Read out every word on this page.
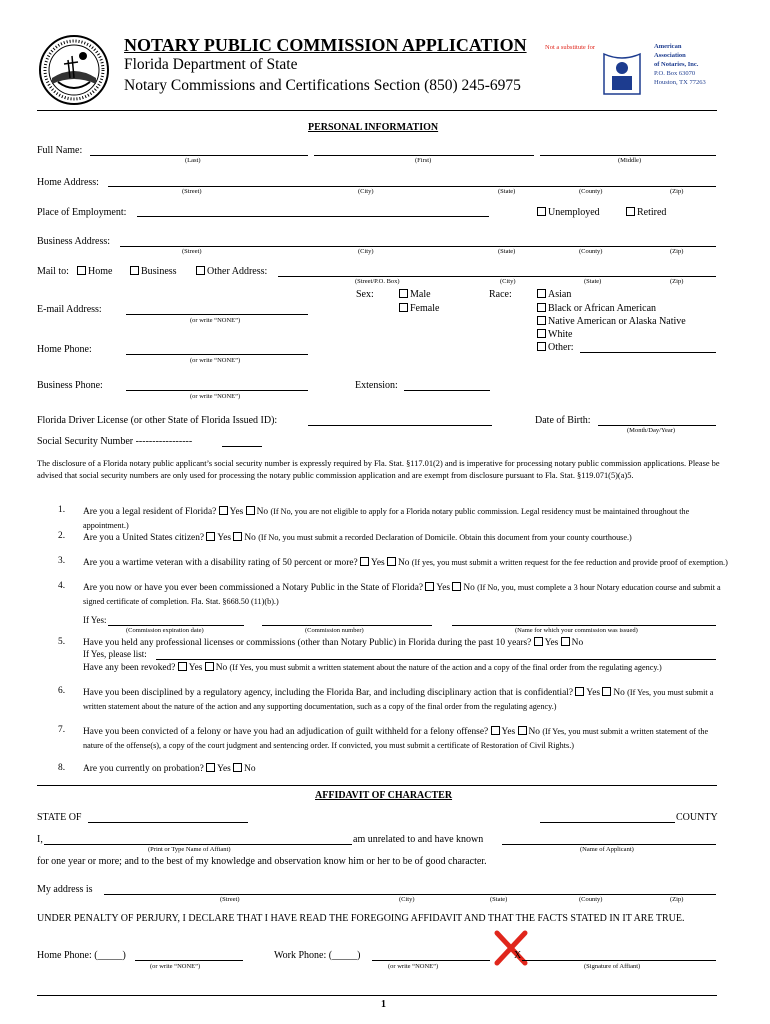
NOTARY PUBLIC COMMISSION APPLICATION
Florida Department of State
Notary Commissions and Certifications Section (850) 245-6975
Not a substitute for	American
Association
of Notaries, Inc.
P.O. Box 63070
Houston, TX 77263
PERSONAL INFORMATION
Full Name:
(Last)	(First)	(Middle)
Home Address:
(Street)	(City)	(State)	(County)	(Zip)
Place of Employment:	Unemployed	Retired
Business Address:
(Street)	(City)	(State)	(County)	(Zip)
Mail to:	Home	Business	Other Address:
(Street/P.O. Box)	(City)	(State)	(Zip)
Sex:	Male
Female
Race:	Asian
Black or African American
Native American or Alaska Native
White
Other:
E-mail Address:
(or write “NONE”)
Home Phone:
(or write “NONE”)
Business Phone:
(or write “NONE”)
Extension:
Florida Driver License (or other State of Florida Issued ID):	Date of Birth:
(Month/Day/Year)
Social Security Number -----------------
The disclosure of a Florida notary public applicant’s social security number is expressly required by Fla. Stat. §117.01(2) and is imperative for processing notary public commission applications. Please be advised that social security numbers are only used for processing the notary public commission application and are exempt from disclosure pursuant to Fla. Stat. §119.071(5)(a)5.
1. Are you a legal resident of Florida? Yes No (If No, you are not eligible to apply for a Florida notary public commission. Legal residency must be maintained throughout the appointment.)
2. Are you a United States citizen? Yes No (If No, you must submit a recorded Declaration of Domicile. Obtain this document from your county courthouse.)
3. Are you a wartime veteran with a disability rating of 50 percent or more? Yes No (If yes, you must submit a written request for the fee reduction and provide proof of exemption.)
4. Are you now or have you ever been commissioned a Notary Public in the State of Florida? Yes No (If No, you, must complete a 3 hour Notary education course and submit a signed certificate of completion. Fla. Stat. §668.50 (11)(b).)
If Yes:
(Commission expiration date)	(Commission number)	(Name for which your commission was issued)
5. Have you held any professional licenses or commissions (other than Notary Public) in Florida during the past 10 years? Yes No
If Yes, please list:
Have any been revoked? Yes No (If Yes, you must submit a written statement about the nature of the action and a copy of the final order from the regulating agency.)
6. Have you been disciplined by a regulatory agency, including the Florida Bar, and including disciplinary action that is confidential? Yes No (If Yes, you must submit a written statement about the nature of the action and any supporting documentation, such as a copy of the final order from the regulating agency.)
7. Have you been convicted of a felony or have you had an adjudication of guilt withheld for a felony offense? Yes No (If Yes, you must submit a written statement of the nature of the offense(s), a copy of the court judgment and sentencing order. If convicted, you must submit a certificate of Restoration of Civil Rights.)
8. Are you currently on probation? Yes No
AFFIDAVIT OF CHARACTER
STATE OF	COUNTY
I,	am unrelated to and have known
(Print or Type Name of Affiant)	(Name of Applicant)
for one year or more; and to the best of my knowledge and observation know him or her to be of good character.
My address is
(Street)	(City)	(State)	(County)	(Zip)
UNDER PENALTY OF PERJURY, I DECLARE THAT I HAVE READ THE FOREGOING AFFIDAVIT AND THAT THE FACTS STATED IN IT ARE TRUE.
Home Phone: (_____)
(or write “NONE”)
Work Phone: (_____)
(or write “NONE”)
X
(Signature of Affiant)
1
